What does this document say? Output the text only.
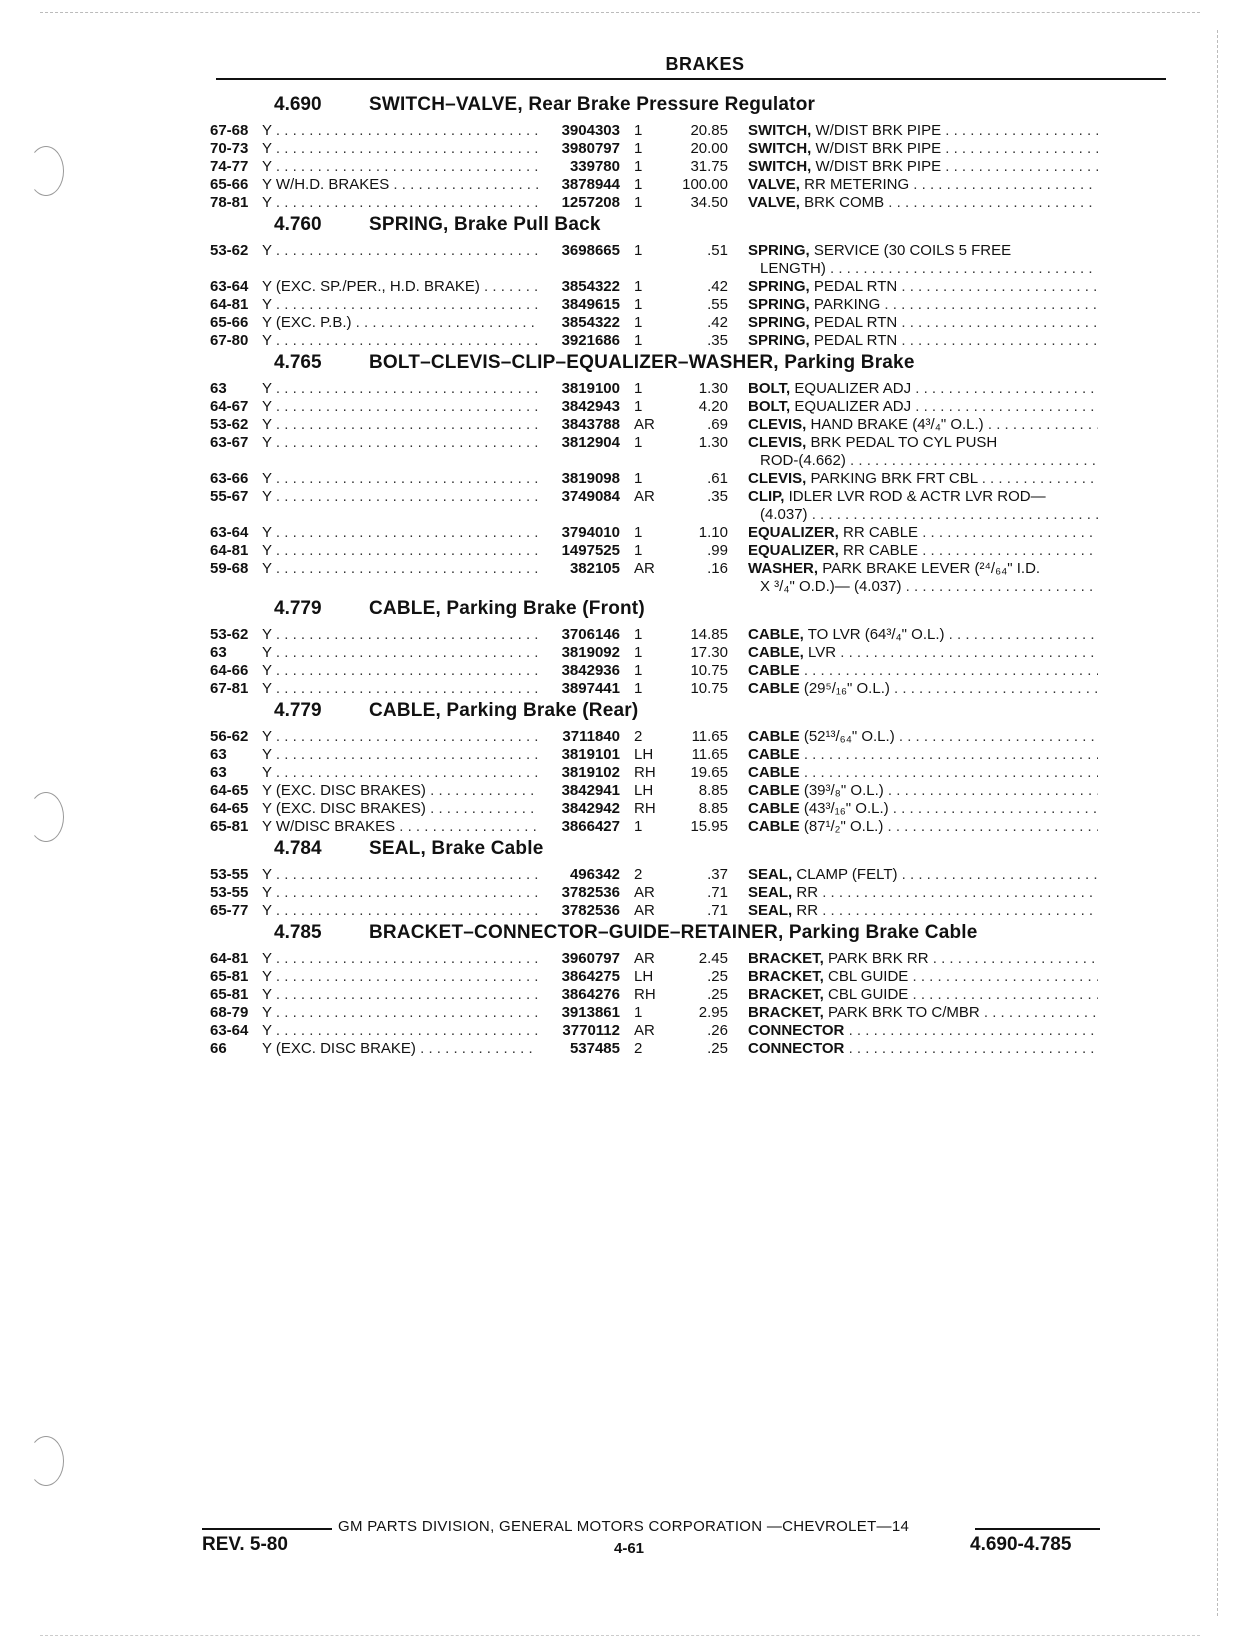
BRAKES
4.690	SWITCH–VALVE, Rear Brake Pressure Regulator
67-68 Y . . .	3904303 1	20.85 SWITCH, W/DIST BRK PIPE . . .
70-73 Y . . .	3980797 1	20.00 SWITCH, W/DIST BRK PIPE . . .
74-77 Y . . .	339780 1	31.75 SWITCH, W/DIST BRK PIPE . . .
65-66 Y W/H.D. BRAKES . . .	3878944 1	100.00 VALVE, RR METERING . . .
78-81 Y . . .	1257208 1	34.50 VALVE, BRK COMB . . .
4.760	SPRING, Brake Pull Back
53-62 Y . . .	3698665 1	.51 SPRING, SERVICE (30 COILS 5 FREE
LENGTH) . . .
63-64 Y (EXC. SP./PER., H.D. BRAKE) . . .	3854322 1	.42 SPRING, PEDAL RTN . . .
64-81 Y . . .	3849615 1	.55 SPRING, PARKING . . .
65-66 Y (EXC. P.B.) . . .	3854322 1	.42 SPRING, PEDAL RTN . . .
67-80 Y . . .	3921686 1	.35 SPRING, PEDAL RTN . . .
4.765	BOLT–CLEVIS–CLIP–EQUALIZER–WASHER, Parking Brake
63	Y . . .	3819100 1	1.30 BOLT, EQUALIZER ADJ . . .
64-67 Y . . .	3842943 1	4.20 BOLT, EQUALIZER ADJ . . .
53-62 Y . . .	3843788 AR	.69 CLEVIS, HAND BRAKE (4³/₄" O.L.) . . .
63-67 Y . . .	3812904 1	1.30 CLEVIS, BRK PEDAL TO CYL PUSH
ROD-(4.662) . . .
63-66 Y . . .	3819098 1	.61 CLEVIS, PARKING BRK FRT CBL . . .
55-67 Y . . .	3749084 AR	.35 CLIP, IDLER LVR ROD & ACTR LVR ROD—
(4.037) . . .
63-64 Y . . .	3794010 1	1.10 EQUALIZER, RR CABLE . . .
64-81 Y . . .	1497525 1	.99 EQUALIZER, RR CABLE . . .
59-68 Y . . .	382105 AR	.16 WASHER, PARK BRAKE LEVER (²⁴/₆₄" I.D.
X ³/₄" O.D.)— (4.037) . . .
4.779	CABLE, Parking Brake (Front)
53-62 Y . . .	3706146 1	14.85 CABLE, TO LVR (64³/₄" O.L.) . . .
63	Y . . .	3819092 1	17.30 CABLE, LVR . . .
64-66 Y . . .	3842936 1	10.75 CABLE . . .
67-81 Y . . .	3897441 1	10.75 CABLE (29⁵/₁₆" O.L.) . . .
4.779	CABLE, Parking Brake (Rear)
56-62 Y . . .	3711840 2	11.65 CABLE (52¹³/₆₄" O.L.) . . .
63	Y . . .	3819101 LH	11.65 CABLE . . .
63	Y . . .	3819102 RH	19.65 CABLE . . .
64-65 Y (EXC. DISC BRAKES) . . .	3842941 LH	8.85 CABLE (39³/₈" O.L.) . . .
64-65 Y (EXC. DISC BRAKES) . . .	3842942 RH	8.85 CABLE (43³/₁₆" O.L.) . . .
65-81 Y W/DISC BRAKES . . .	3866427 1	15.95 CABLE (87¹/₂" O.L.) . . .
4.784	SEAL, Brake Cable
53-55 Y . . .	496342 2	.37 SEAL, CLAMP (FELT) . . .
53-55 Y . . .	3782536 AR	.71 SEAL, RR . . .
65-77 Y . . .	3782536 AR	.71 SEAL, RR . . .
4.785	BRACKET–CONNECTOR–GUIDE–RETAINER, Parking Brake Cable
64-81 Y . . .	3960797 AR	2.45 BRACKET, PARK BRK RR . . .
65-81 Y . . .	3864275 LH	.25 BRACKET, CBL GUIDE . . .
65-81 Y . . .	3864276 RH	.25 BRACKET, CBL GUIDE . . .
68-79 Y . . .	3913861 1	2.95 BRACKET, PARK BRK TO C/MBR . . .
63-64 Y . . .	3770112 AR	.26 CONNECTOR . . .
66	Y (EXC. DISC BRAKE) . . .	537485 2	.25 CONNECTOR . . .
GM PARTS DIVISION, GENERAL MOTORS CORPORATION —CHEVROLET—14
REV. 5-80	4-61	4.690-4.785
